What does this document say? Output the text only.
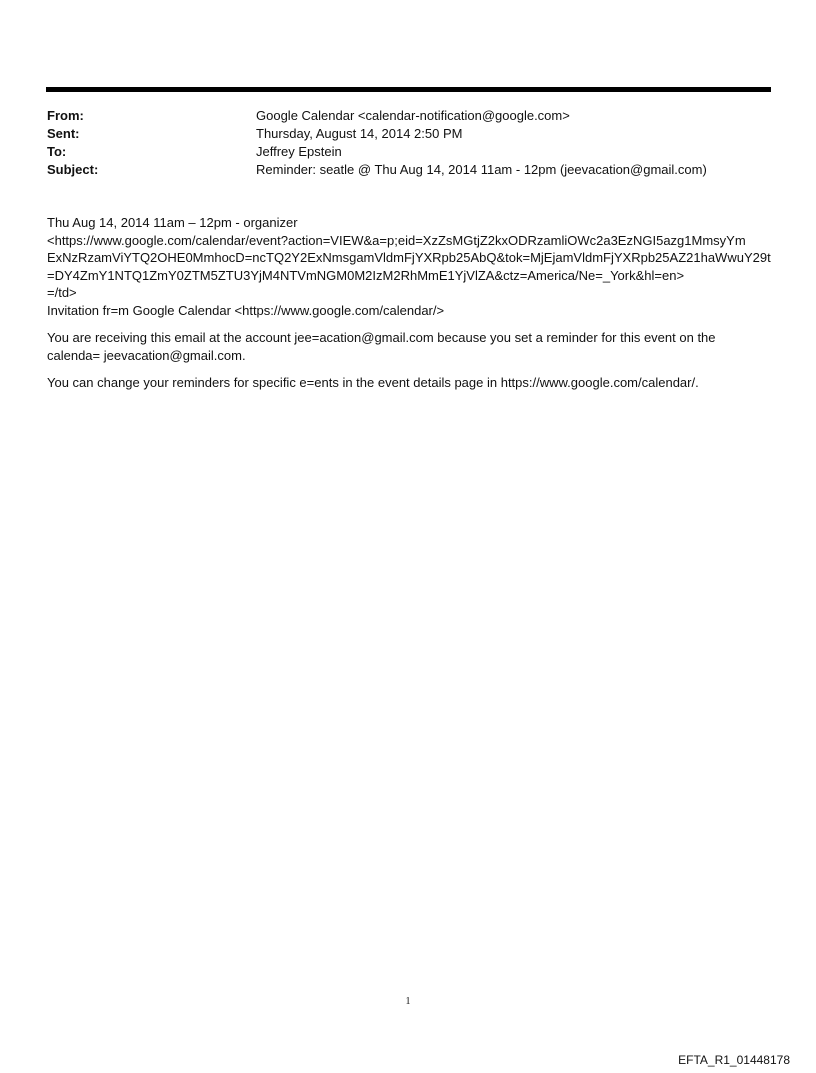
From:	Google Calendar <calendar-notification@google.com>
Sent:	Thursday, August 14, 2014 2:50 PM
To:	Jeffrey Epstein
Subject:	Reminder: seatle @ Thu Aug 14, 2014 11am - 12pm (jeevacation@gmail.com)
Thu Aug 14, 2014 11am – 12pm - organizer
<https://www.google.com/calendar/event?action=VIEW&a=p;eid=XzZsMGtjZ2kxODRzamliOWc2a3EzNGI5azg1MmsyYm
ExNzRzamViYTQ2OHE0MmhocD=ncTQ2Y2ExNmsgamVldmFjYXRpb25AbQ&tok=MjEjamVldmFjYXRpb25AZ21haWwuY29t
=DY4ZmY1NTQ1ZmY0ZTM5ZTU3YjM4NTVmNGM0M2IzM2RhMmE1YjVlZA&ctz=America/Ne=_York&hl=en>
=/td>
Invitation fr=m Google Calendar <https://www.google.com/calendar/>
You are receiving this email at the account jee=acation@gmail.com because you set a reminder for this event on the
calenda= jeevacation@gmail.com.
You can change your reminders for specific e=ents in the event details page in https://www.google.com/calendar/.
1
EFTA_R1_01448178
